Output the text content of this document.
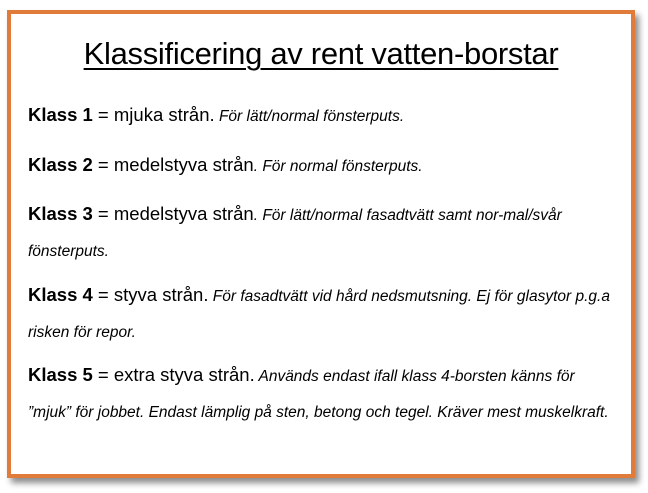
Klassificering av rent vatten-borstar
Klass 1 = mjuka strån. För lätt/normal fönsterputs.
Klass 2 = medelstyva strån. För normal fönsterputs.
Klass 3 = medelstyva strån. För lätt/normal fasadtvätt samt nor-mal/svår fönsterputs.
Klass 4 = styva strån. För fasadtvätt vid hård nedsmutsning. Ej för glasytor p.g.a risken för repor.
Klass 5 = extra styva strån. Används endast ifall klass 4-borsten känns för ”mjuk” för jobbet. Endast lämplig på sten, betong och tegel. Kräver mest muskelkraft.
